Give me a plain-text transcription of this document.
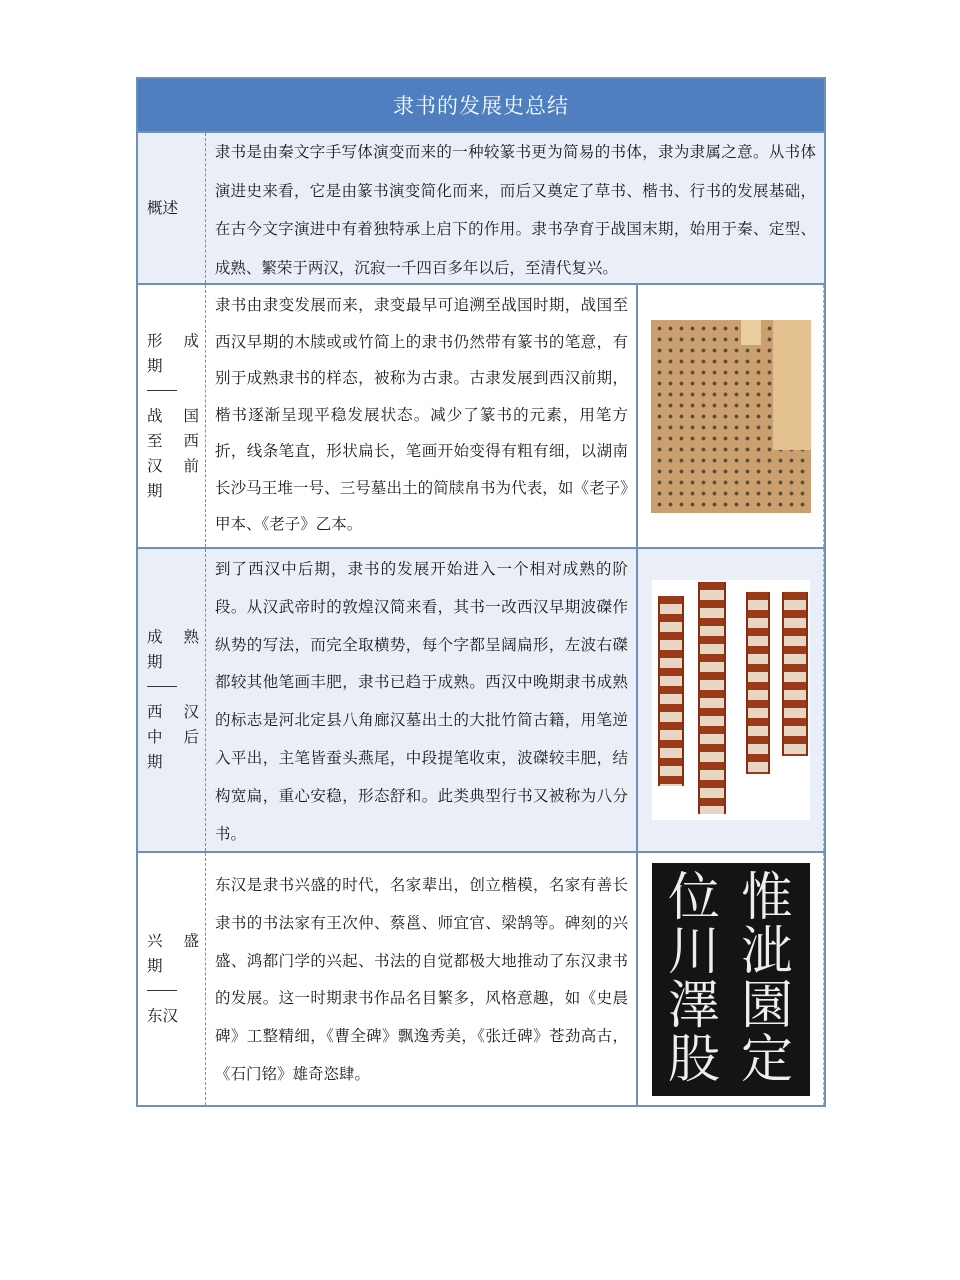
隶书的发展史总结
概述
隶书是由秦文字手写体演变而来的一种较篆书更为简易的书体，隶为隶属之意。从书体演进史来看，它是由篆书演变简化而来，而后又奠定了草书、楷书、行书的发展基础，在古今文字演进中有着独特承上启下的作用。隶书孕育于战国末期，始用于秦、定型、成熟、繁荣于两汉，沉寂一千四百多年以后，至清代复兴。
形 成
期
战 国
至 西
汉 前
期
隶书由隶变发展而来，隶变最早可追溯至战国时期，战国至西汉早期的木牍或或竹简上的隶书仍然带有篆书的笔意，有别于成熟隶书的样态，被称为古隶。古隶发展到西汉前期，楷书逐渐呈现平稳发展状态。减少了篆书的元素，用笔方折，线条笔直，形状扁长，笔画开始变得有粗有细，以湖南长沙马王堆一号、三号墓出土的简牍帛书为代表，如《老子》甲本、《老子》乙本。
成 熟
期
西 汉
中 后
期
到了西汉中后期，隶书的发展开始进入一个相对成熟的阶段。从汉武帝时的敦煌汉简来看，其书一改西汉早期波磔作纵势的写法，而完全取横势，每个字都呈阔扁形，左波右磔都较其他笔画丰肥，隶书已趋于成熟。西汉中晚期隶书成熟的标志是河北定县八角廊汉墓出土的大批竹简古籍，用笔逆入平出，主笔皆蚕头燕尾，中段提笔收束，波磔较丰肥，结构宽扁，重心安稳，形态舒和。此类典型行书又被称为八分书。
兴 盛
期
东汉
东汉是隶书兴盛的时代，名家辈出，创立楷模，名家有善长隶书的书法家有王次仲、蔡邕、师宜官、梁鹄等。碑刻的兴盛、鸿都门学的兴起、书法的自觉都极大地推动了东汉隶书的发展。这一时期隶书作品名目繁多，风格意趣，如《史晨碑》工整精细，《曹全碑》飘逸秀美，《张迁碑》苍劲高古，《石门铭》雄奇恣肆。
位 惟
川 泚
澤 園
股 定
